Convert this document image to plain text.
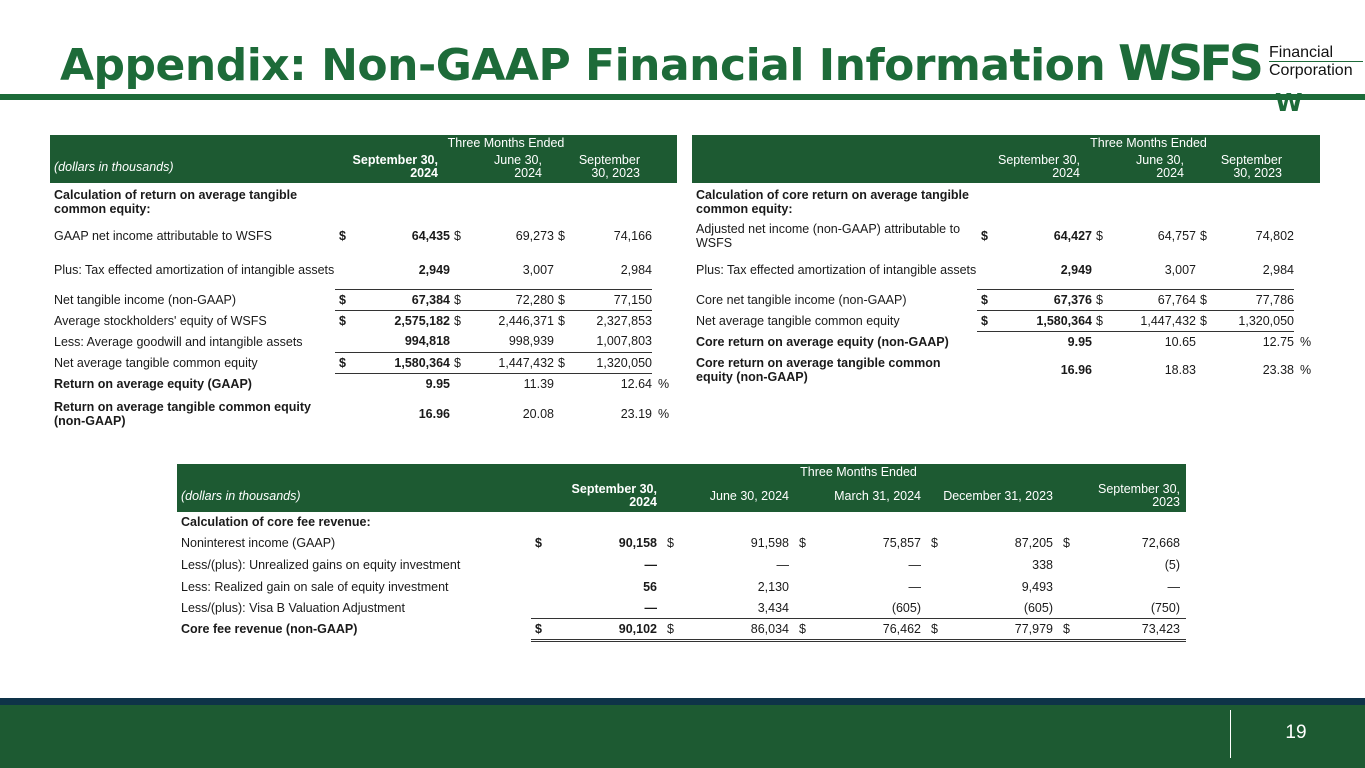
Appendix: Non-GAAP Financial Information WSFS Financial
Corporation
W
	Three Months Ended						
(dollars in thousands)		September 30, 2024		June 30, 2024		September 30, 2023	
Calculation of return on average tangible common equity:							
GAAP net income attributable to WSFS	$	64,435	$	69,273	$	74,166	
Plus: Tax effected amortization of intangible assets		2,949		3,007		2,984	
Net tangible income (non-GAAP)	$	67,384	$	72,280	$	77,150	
Average stockholders' equity of WSFS	$	2,575,182	$	2,446,371	$	2,327,853	
Less: Average goodwill and intangible assets		994,818		998,939		1,007,803	
Net average tangible common equity	$	1,580,364	$	1,447,432	$	1,320,050	
Return on average equity (GAAP)		9.95		11.39		12.64	%
Return on average tangible common equity (non-GAAP)		16.96		20.08		23.19	%
	Three Months Ended						
		September 30, 2024		June 30, 2024		September 30, 2023	
Calculation of core return on average tangible common equity:							
Adjusted net income (non-GAAP) attributable to WSFS	$	64,427	$	64,757	$	74,802	
Plus: Tax effected amortization of intangible assets		2,949		3,007		2,984	
Core net tangible income (non-GAAP)	$	67,376	$	67,764	$	77,786	
Net average tangible common equity	$	1,580,364	$	1,447,432	$	1,320,050	
Core return on average equity (non-GAAP)		9.95		10.65		12.75	%
Core return on average tangible common equity (non-GAAP)		16.96		18.83		23.38	%
	Three Months Ended									
(dollars in thousands)		September 30, 2024		June 30, 2024		March 31, 2024		December 31, 2023		September 30, 2023
Calculation of core fee revenue:										
Noninterest income (GAAP)	$	90,158	$	91,598	$	75,857	$	87,205	$	72,668
Less/(plus): Unrealized gains on equity investment		—		—		—		338		(5)
Less: Realized gain on sale of equity investment		56		2,130		—		9,493		—
Less/(plus): Visa B Valuation Adjustment		—		3,434		(605)		(605)		(750)
Core fee revenue (non-GAAP)	$	90,102	$	86,034	$	76,462	$	77,979	$	73,423
19
